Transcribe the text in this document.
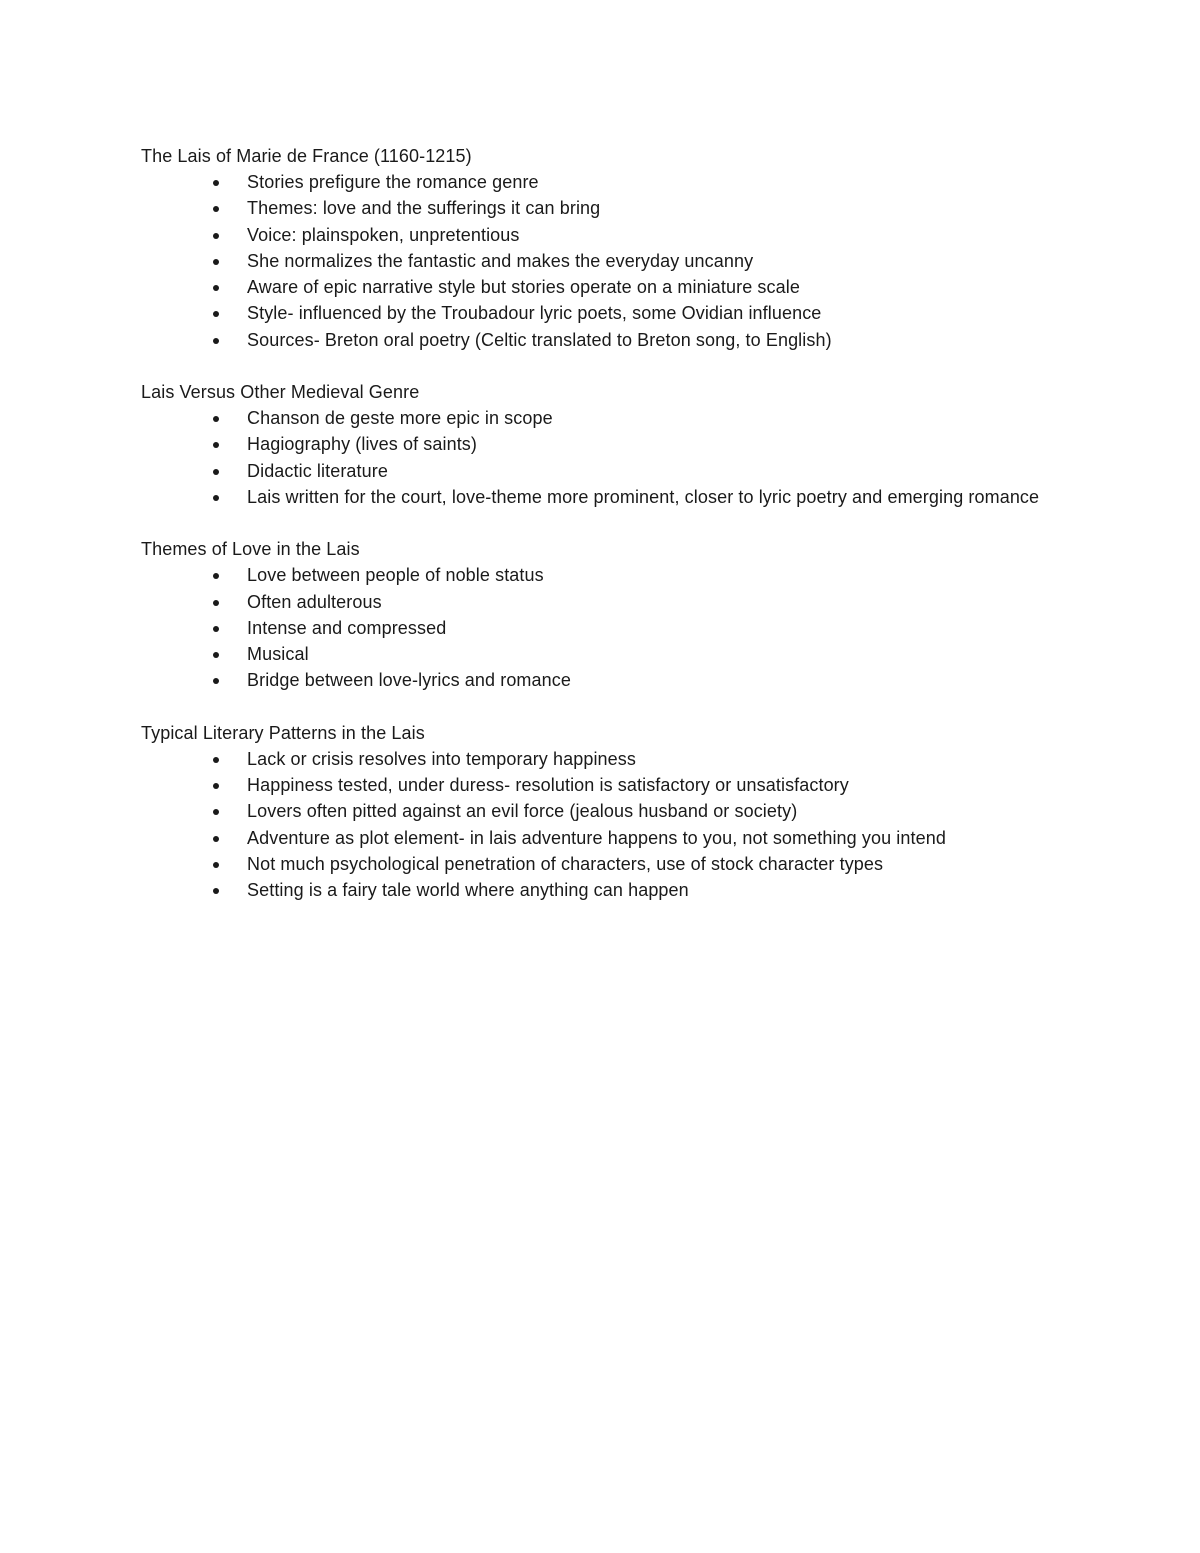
The Lais of Marie de France (1160-1215)

Stories prefigure the romance genre
Themes: love and the sufferings it can bring
Voice: plainspoken, unpretentious
She normalizes the fantastic and makes the everyday uncanny
Aware of epic narrative style but stories operate on a miniature scale
Style- influenced by the Troubadour lyric poets, some Ovidian influence
Sources- Breton oral poetry (Celtic translated to Breton song, to English)

Lais Versus Other Medieval Genre

Chanson de geste more epic in scope
Hagiography (lives of saints)
Didactic literature
Lais written for the court, love-theme more prominent, closer to lyric poetry and emerging romance

Themes of Love in the Lais

Love between people of noble status
Often adulterous
Intense and compressed
Musical
Bridge between love-lyrics and romance

Typical Literary Patterns in the Lais

Lack or crisis resolves into temporary happiness
Happiness tested, under duress- resolution is satisfactory or unsatisfactory
Lovers often pitted against an evil force (jealous husband or society)
Adventure as plot element- in lais adventure happens to you, not something you intend
Not much psychological penetration of characters, use of stock character types
Setting is a fairy tale world where anything can happen
